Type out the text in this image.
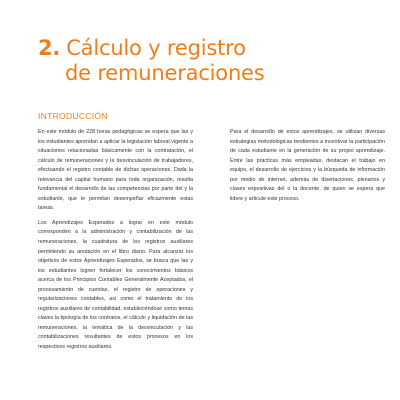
2. Cálculo y registro
de remuneraciones
INTRODUCCIÓN

En este módulo de 228 horas pedagógicas se espera que las y los estudiantes aprendan a aplicar la legislación laboral vigente a situaciones relacionadas básicamente con la contratación, el cálculo de remuneraciones y la desvinculación de trabajadores, efectuando el registro contable de dichas operaciones. Dada la relevancia del capital humano para toda organización, resulta fundamental el desarrollo de las competencias por parte del y la estudiante, que le permitan desempeñar eficazmente estas tareas.

Los Aprendizajes Esperados a lograr en este módulo corresponden a la administración y contabilización de las remuneraciones, la cuadratura de los registros auxiliares permitiendo su anotación en el libro diario. Para alcanzar los objetivos de estos Aprendizajes Esperados, se busca que las y los estudiantes logren fortalecer los conocimientos básicos acerca de los Principios Contables Generalmente Aceptados, el procesamiento de cuentas, el registro de operaciones y regularizaciones contables, así como el tratamiento de los registros auxiliares de contabilidad, estableciéndose como temas claves la tipología de los contratos, el cálculo y liquidación de las remuneraciones, la temática de la desvinculación y las contabilizaciones resultantes de estos procesos en los respectivos registros auxiliares.

Para el desarrollo de estos aprendizajes, se utilizan diversas estrategias metodológicas tendientes a incentivar la participación de cada estudiante en la generación de su propio aprendizaje. Entre las prácticas más empleadas, destacan el trabajo en equipo, el desarrollo de ejercicios y la búsqueda de información por medio de internet, además de disertaciones, plenarios y clases expositivas del o la docente, de quien se espera que lidere y articule este proceso.
